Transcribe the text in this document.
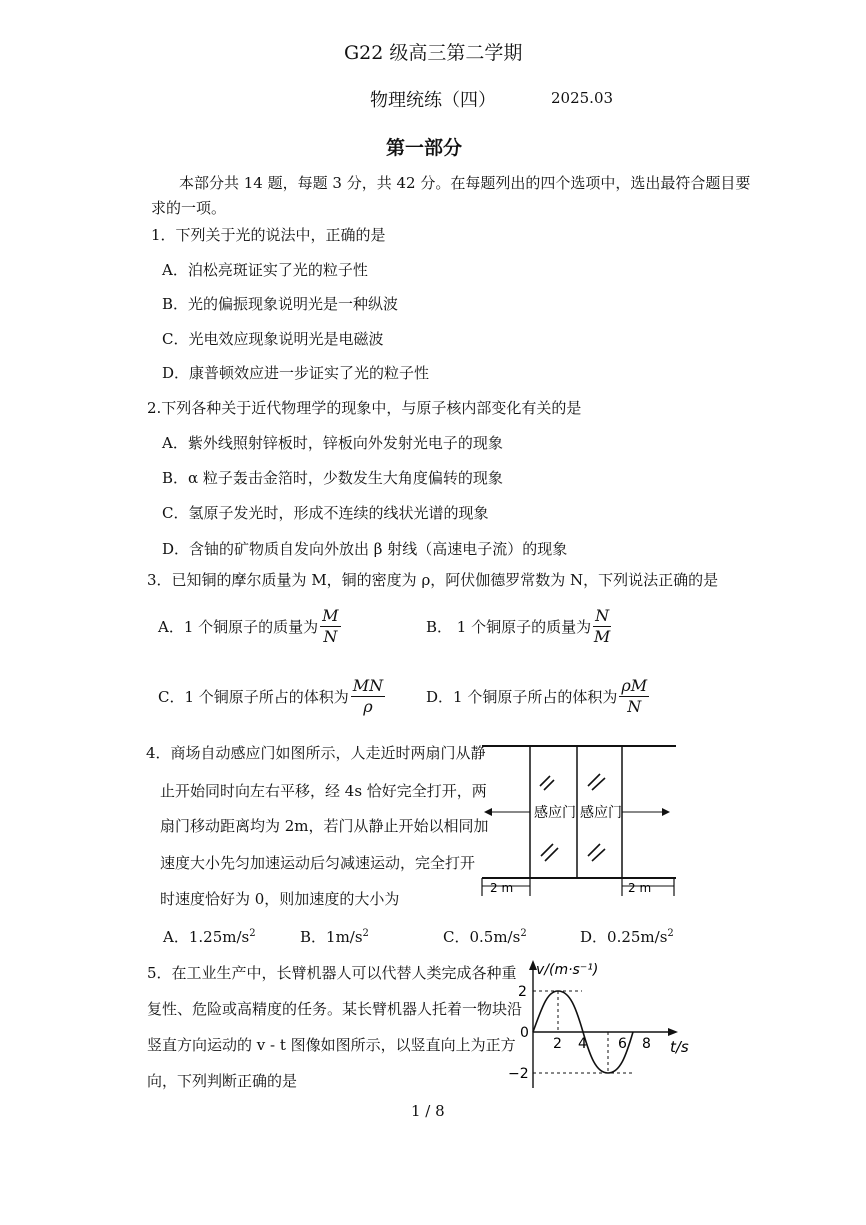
G22 级高三第二学期
物理统练（四）	2025.03
第一部分
本部分共 14 题，每题 3 分，共 42 分。在每题列出的四个选项中，选出最符合题目要
求的一项。
1．下列关于光的说法中，正确的是
A．泊松亮斑证实了光的粒子性
B．光的偏振现象说明光是一种纵波
C．光电效应现象说明光是电磁波
D．康普顿效应进一步证实了光的粒子性
2.下列各种关于近代物理学的现象中，与原子核内部变化有关的是
A．紫外线照射锌板时，锌板向外发射光电子的现象
B．α 粒子轰击金箔时，少数发生大角度偏转的现象
C．氢原子发光时，形成不连续的线状光谱的现象
D．含铀的矿物质自发向外放出 β 射线（高速电子流）的现象
3．已知铜的摩尔质量为 M，铜的密度为 ρ，阿伏伽德罗常数为 N，下列说法正确的是
A．1 个铜原子的质量为 $\frac{M}{N}$	B． 1 个铜原子的质量为 $\frac{N}{M}$
C．1 个铜原子所占的体积为 $\frac{MN}{\rho}$	D．1 个铜原子所占的体积为 $\frac{\rho M}{N}$
4．商场自动感应门如图所示，人走近时两扇门从静
止开始同时向左右平移，经 4s 恰好完全打开，两
扇门移动距离均为 2m，若门从静止开始以相同加
速度大小先匀加速运动后匀减速运动，完全打开
时速度恰好为 0，则加速度的大小为
感应门 感应门
2 m	2 m
A．$1.25m/s^2$	B．$1m/s^2$	C．$0.5m/s^2$	D．$0.25m/s^2$
5．在工业生产中，长臂机器人可以代替人类完成各种重
复性、危险或高精度的任务。某长臂机器人托着一物块沿
竖直方向运动的 v - t 图像如图所示，以竖直向上为正方
向，下列判断正确的是
v/(m·s⁻¹)
t/s
2
0
−2
2 4 6 8
1 / 8
